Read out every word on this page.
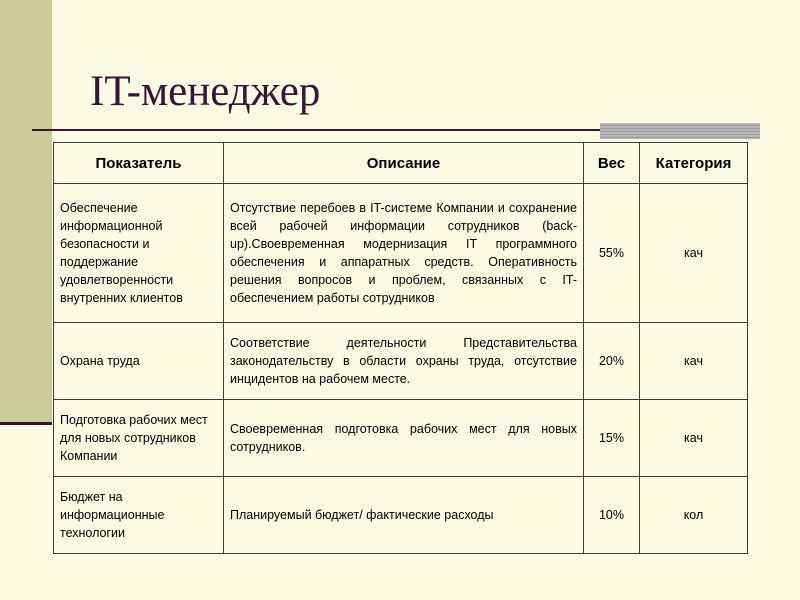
IT-менеджер
Показатель	Описание	Вес	Категория
Обеспечение информационной безопасности и поддержание удовлетворенности внутренних клиентов	Отсутствие перебоев в IT-системе Компании и сохранение всей рабочей информации сотрудников (back-up).Своевременная модернизация IT программного обеспечения и аппаратных средств. Оперативность решения вопросов и проблем, связанных с IT-обеспечением работы сотрудников	55%	кач
Охрана труда	Соответствие деятельности Представительства законодательству в области охраны труда, отсутствие инцидентов на рабочем месте.	20%	кач
Подготовка рабочих мест для новых сотрудников Компании	Своевременная подготовка рабочих мест для новых сотрудников.	15%	кач
Бюджет на информационные технологии	Планируемый бюджет/ фактические расходы	10%	кол
